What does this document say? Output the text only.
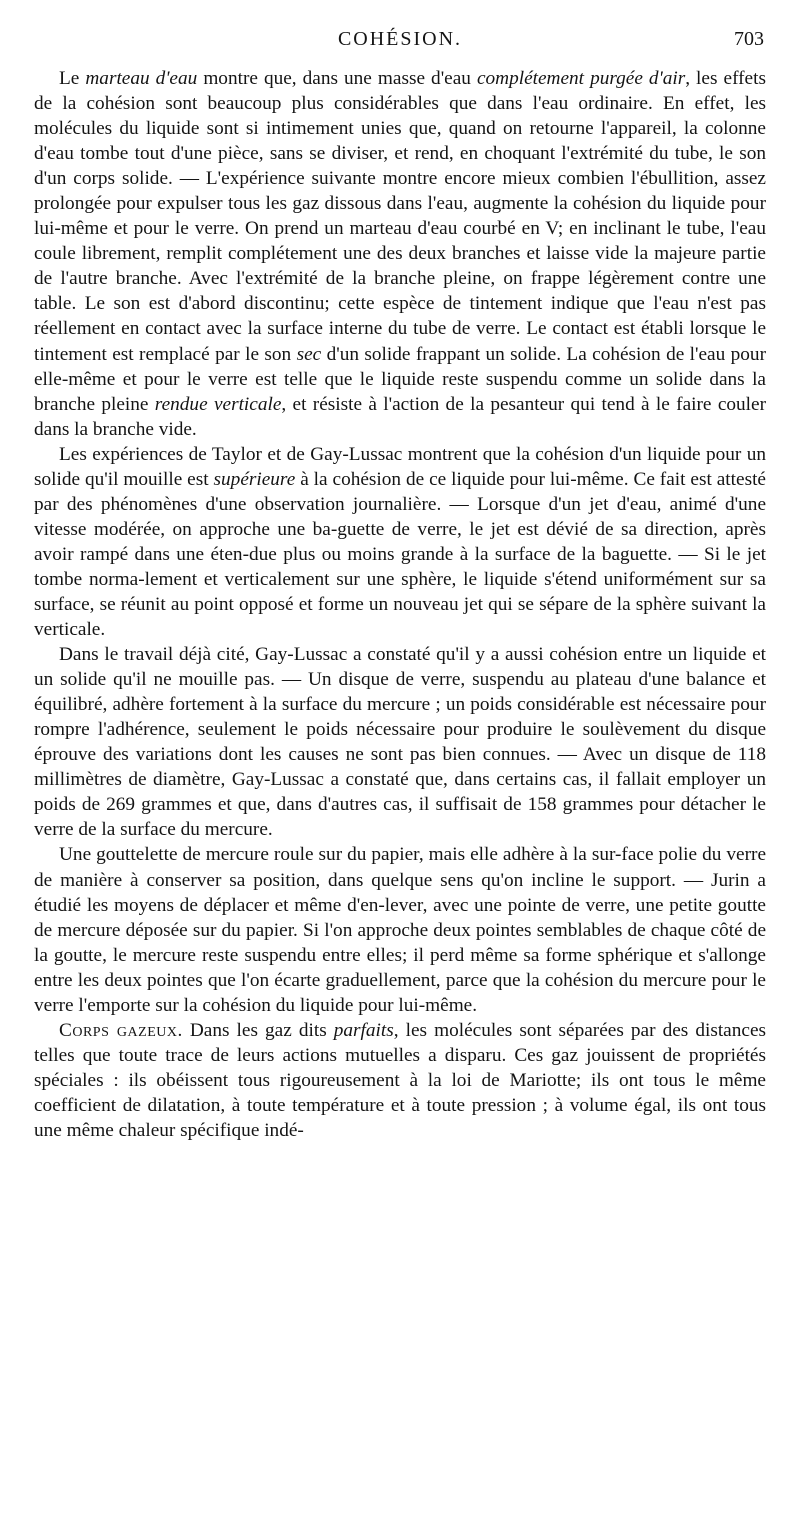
COHÉSION.	703

Le marteau d'eau montre que, dans une masse d'eau complétement purgée d'air, les effets de la cohésion sont beaucoup plus considérables que dans l'eau ordinaire. En effet, les molécules du liquide sont si intimement unies que, quand on retourne l'appareil, la colonne d'eau tombe tout d'une pièce, sans se diviser, et rend, en choquant l'extrémité du tube, le son d'un corps solide. — L'expérience suivante montre encore mieux combien l'ébullition, assez prolongée pour expulser tous les gaz dissous dans l'eau, augmente la cohésion du liquide pour lui-même et pour le verre. On prend un marteau d'eau courbé en V; en inclinant le tube, l'eau coule librement, remplit complétement une des deux branches et laisse vide la majeure partie de l'autre branche. Avec l'extrémité de la branche pleine, on frappe légèrement contre une table. Le son est d'abord discontinu; cette espèce de tintement indique que l'eau n'est pas réellement en contact avec la surface interne du tube de verre. Le contact est établi lorsque le tintement est remplacé par le son sec d'un solide frappant un solide. La cohésion de l'eau pour elle-même et pour le verre est telle que le liquide reste suspendu comme un solide dans la branche pleine rendue verticale, et résiste à l'action de la pesanteur qui tend à le faire couler dans la branche vide.

Les expériences de Taylor et de Gay-Lussac montrent que la cohésion d'un liquide pour un solide qu'il mouille est supérieure à la cohésion de ce liquide pour lui-même. Ce fait est attesté par des phénomènes d'une observation journalière. — Lorsque d'un jet d'eau, animé d'une vitesse modérée, on approche une ba-guette de verre, le jet est dévié de sa direction, après avoir rampé dans une éten-due plus ou moins grande à la surface de la baguette. — Si le jet tombe norma-lement et verticalement sur une sphère, le liquide s'étend uniformément sur sa surface, se réunit au point opposé et forme un nouveau jet qui se sépare de la sphère suivant la verticale.

Dans le travail déjà cité, Gay-Lussac a constaté qu'il y a aussi cohésion entre un liquide et un solide qu'il ne mouille pas. — Un disque de verre, suspendu au plateau d'une balance et équilibré, adhère fortement à la surface du mercure ; un poids considérable est nécessaire pour rompre l'adhérence, seulement le poids nécessaire pour produire le soulèvement du disque éprouve des variations dont les causes ne sont pas bien connues. — Avec un disque de 118 millimètres de diamètre, Gay-Lussac a constaté que, dans certains cas, il fallait employer un poids de 269 grammes et que, dans d'autres cas, il suffisait de 158 grammes pour détacher le verre de la surface du mercure.

Une gouttelette de mercure roule sur du papier, mais elle adhère à la sur-face polie du verre de manière à conserver sa position, dans quelque sens qu'on incline le support. — Jurin a étudié les moyens de déplacer et même d'en-lever, avec une pointe de verre, une petite goutte de mercure déposée sur du papier. Si l'on approche deux pointes semblables de chaque côté de la goutte, le mercure reste suspendu entre elles; il perd même sa forme sphérique et s'allonge entre les deux pointes que l'on écarte graduellement, parce que la cohésion du mercure pour le verre l'emporte sur la cohésion du liquide pour lui-même.

Corps gazeux. Dans les gaz dits parfaits, les molécules sont séparées par des distances telles que toute trace de leurs actions mutuelles a disparu. Ces gaz jouissent de propriétés spéciales : ils obéissent tous rigoureusement à la loi de Mariotte; ils ont tous le même coefficient de dilatation, à toute température et à toute pression ; à volume égal, ils ont tous une même chaleur spécifique indé-
